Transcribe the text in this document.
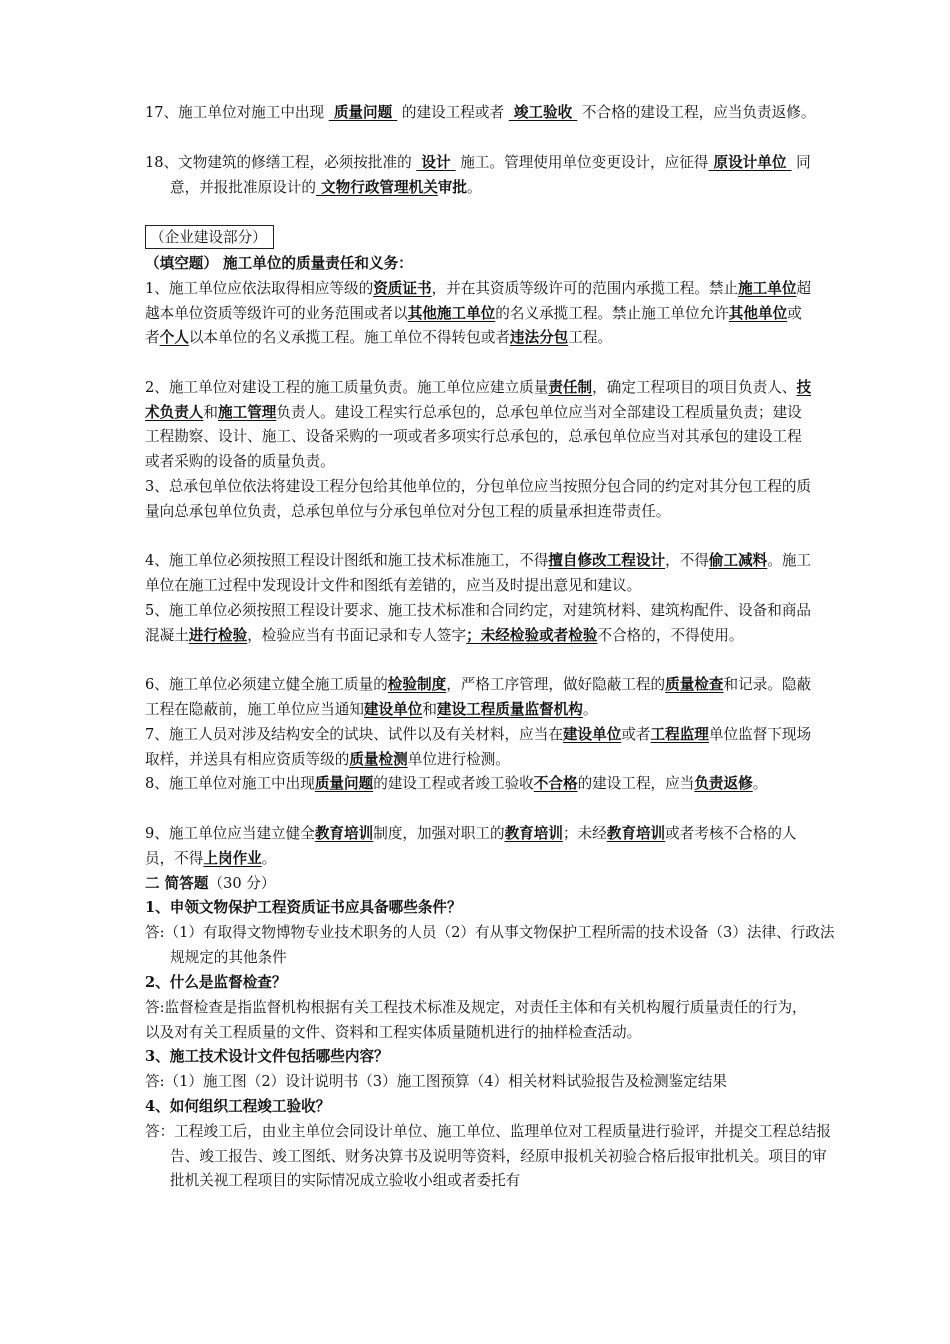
17、施工单位对施工中出现  质量问题  的建设工程或者  竣工验收  不合格的建设工程，应当负责返修。
18、文物建筑的修缮工程，必须按批准的  设计  施工。管理使用单位变更设计，应征得 原设计单位  同意，并报批准原设计的 文物行政管理机关审批。
（企业建设部分）
（填空题） 施工单位的质量责任和义务：
1、施工单位应依法取得相应等级的资质证书，并在其资质等级许可的范围内承揽工程。禁止施工单位超越本单位资质等级许可的业务范围或者以其他施工单位的名义承揽工程。禁止施工单位允许其他单位或者个人以本单位的名义承揽工程。施工单位不得转包或者违法分包工程。
2、施工单位对建设工程的施工质量负责。施工单位应建立质量责任制，确定工程项目的项目负责人、技术负责人和施工管理负责人。建设工程实行总承包的，总承包单位应当对全部建设工程质量负责；建设工程勘察、设计、施工、设备采购的一项或者多项实行总承包的，总承包单位应当对其承包的建设工程或者采购的设备的质量负责。
3、总承包单位依法将建设工程分包给其他单位的，分包单位应当按照分包合同的约定对其分包工程的质量向总承包单位负责，总承包单位与分承包单位对分包工程的质量承担连带责任。
4、施工单位必须按照工程设计图纸和施工技术标准施工，不得擅自修改工程设计，不得偷工减料。施工单位在施工过程中发现设计文件和图纸有差错的，应当及时提出意见和建议。
5、施工单位必须按照工程设计要求、施工技术标准和合同约定，对建筑材料、建筑构配件、设备和商品混凝土进行检验，检验应当有书面记录和专人签字；未经检验或者检验不合格的，不得使用。
6、施工单位必须建立健全施工质量的检验制度，严格工序管理，做好隐蔽工程的质量检查和记录。隐蔽工程在隐蔽前，施工单位应当通知建设单位和建设工程质量监督机构。
7、施工人员对涉及结构安全的试块、试件以及有关材料，应当在建设单位或者工程监理单位监督下现场取样，并送具有相应资质等级的质量检测单位进行检测。
8、施工单位对施工中出现质量问题的建设工程或者竣工验收不合格的建设工程，应当负责返修。
9、施工单位应当建立健全教育培训制度，加强对职工的教育培训；未经教育培训或者考核不合格的人员，不得上岗作业。
二 简答题（30 分）
1、申领文物保护工程资质证书应具备哪些条件？
答:（1）有取得文物博物专业技术职务的人员（2）有从事文物保护工程所需的技术设备（3）法律、行政法规规定的其他条件
2、什么是监督检查？
答:监督检查是指监督机构根据有关工程技术标准及规定，对责任主体和有关机构履行质量责任的行为，以及对有关工程质量的文件、资料和工程实体质量随机进行的抽样检查活动。
3、施工技术设计文件包括哪些内容？
答:（1）施工图（2）设计说明书（3）施工图预算（4）相关材料试验报告及检测鉴定结果
4、如何组织工程竣工验收？
答：工程竣工后，由业主单位会同设计单位、施工单位、监理单位对工程质量进行验评，并提交工程总结报告、竣工报告、竣工图纸、财务决算书及说明等资料，经原申报机关初验合格后报审批机关。项目的审批机关视工程项目的实际情况成立验收小组或者委托有
